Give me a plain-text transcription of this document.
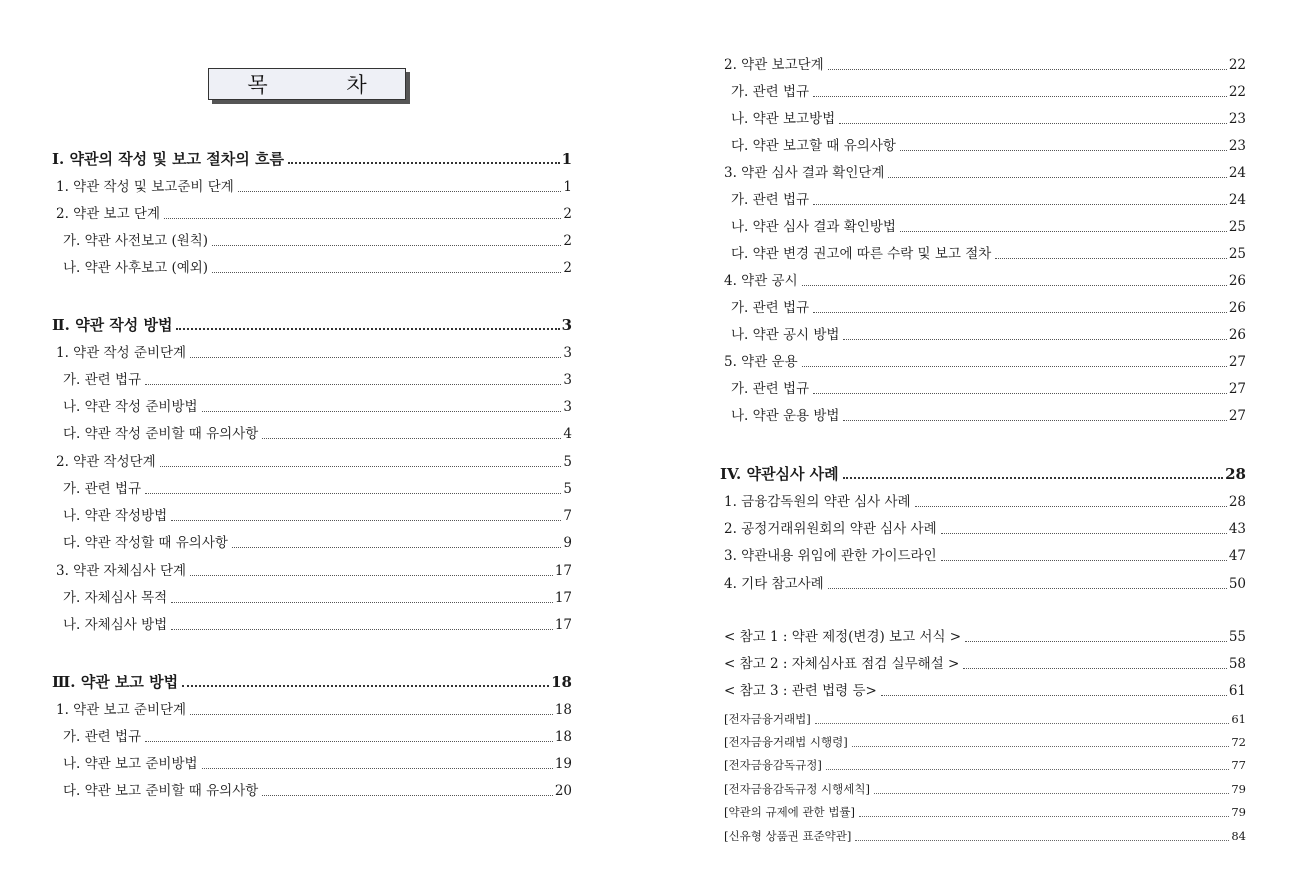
목 차
Ⅰ. 약관의 작성 및 보고 절차의 흐름	1
1. 약관 작성 및 보고준비 단계	1
2. 약관 보고 단계	2
가. 약관 사전보고 (원칙)	2
나. 약관 사후보고 (예외)	2
Ⅱ. 약관 작성 방법	3
1. 약관 작성 준비단계	3
가. 관련 법규	3
나. 약관 작성 준비방법	3
다. 약관 작성 준비할 때 유의사항	4
2. 약관 작성단계	5
가. 관련 법규	5
나. 약관 작성방법	7
다. 약관 작성할 때 유의사항	9
3. 약관 자체심사 단계	17
가. 자체심사 목적	17
나. 자체심사 방법	17
Ⅲ. 약관 보고 방법	18
1. 약관 보고 준비단계	18
가. 관련 법규	18
나. 약관 보고 준비방법	19
다. 약관 보고 준비할 때 유의사항	20
2. 약관 보고단계	22
가. 관련 법규	22
나. 약관 보고방법	23
다. 약관 보고할 때 유의사항	23
3. 약관 심사 결과 확인단계	24
가. 관련 법규	24
나. 약관 심사 결과 확인방법	25
다. 약관 변경 권고에 따른 수락 및 보고 절차	25
4. 약관 공시	26
가. 관련 법규	26
나. 약관 공시 방법	26
5. 약관 운용	27
가. 관련 법규	27
나. 약관 운용 방법	27
IV. 약관심사 사례	28
1. 금융감독원의 약관 심사 사례	28
2. 공정거래위원회의 약관 심사 사례	43
3. 약관내용 위임에 관한 가이드라인	47
4. 기타 참고사례	50
< 참고 1 : 약관 제정(변경) 보고 서식 >	55
< 참고 2 : 자체심사표 점검 실무해설 >	58
< 참고 3 : 관련 법령 등>	61
[전자금융거래법]	61
[전자금융거래법 시행령]	72
[전자금융감독규정]	77
[전자금융감독규정 시행세칙]	79
[약관의 규제에 관한 법률]	79
[신유형 상품권 표준약관]	84
